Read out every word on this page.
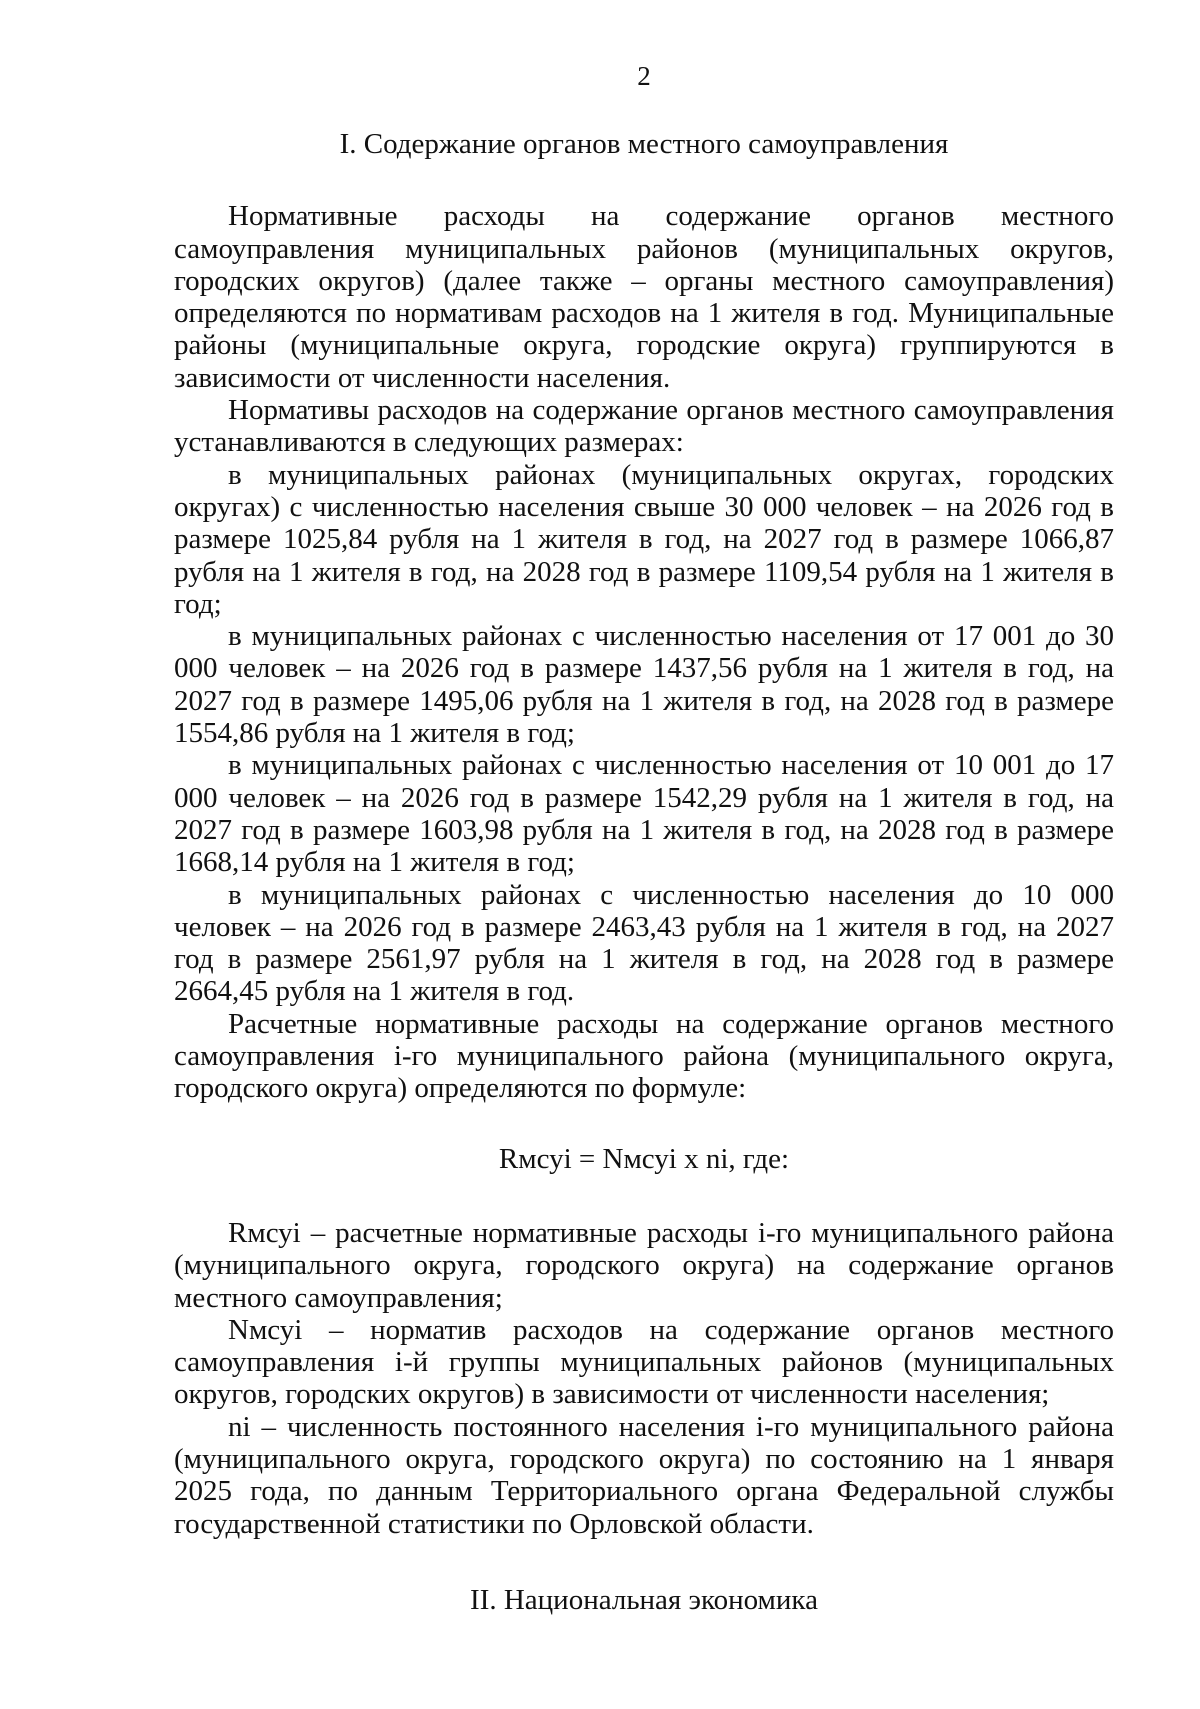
2
I. Содержание органов местного самоуправления

Нормативные расходы на содержание органов местного самоуправления муниципальных районов (муниципальных округов, городских округов) (далее также – органы местного самоуправления) определяются по нормативам расходов на 1 жителя в год. Муниципальные районы (муниципальные округа, городские округа) группируются в зависимости от численности населения.

Нормативы расходов на содержание органов местного самоуправления устанавливаются в следующих размерах:

в муниципальных районах (муниципальных округах, городских округах) с численностью населения свыше 30 000 человек – на 2026 год в размере 1025,84 рубля на 1 жителя в год, на 2027 год в размере 1066,87 рубля на 1 жителя в год, на 2028 год в размере 1109,54 рубля на 1 жителя в год;

в муниципальных районах с численностью населения от 17 001 до 30 000 человек – на 2026 год в размере 1437,56 рубля на 1 жителя в год, на 2027 год в размере 1495,06 рубля на 1 жителя в год, на 2028 год в размере 1554,86 рубля на 1 жителя в год;

в муниципальных районах с численностью населения от 10 001 до 17 000 человек – на 2026 год в размере 1542,29 рубля на 1 жителя в год, на 2027 год в размере 1603,98 рубля на 1 жителя в год, на 2028 год в размере 1668,14 рубля на 1 жителя в год;

в муниципальных районах с численностью населения до 10 000 человек – на 2026 год в размере 2463,43 рубля на 1 жителя в год, на 2027 год в размере 2561,97 рубля на 1 жителя в год, на 2028 год в размере 2664,45 рубля на 1 жителя в год.

Расчетные нормативные расходы на содержание органов местного самоуправления i-го муниципального района (муниципального округа, городского округа) определяются по формуле:

Rмсуi = Nмсуi x ni, где:

Rмсуi – расчетные нормативные расходы i-го муниципального района (муниципального округа, городского округа) на содержание органов местного самоуправления;

Nмсуi – норматив расходов на содержание органов местного самоуправления i-й группы муниципальных районов (муниципальных округов, городских округов) в зависимости от численности населения;

ni – численность постоянного населения i-го муниципального района (муниципального округа, городского округа) по состоянию на 1 января 2025 года, по данным Территориального органа Федеральной службы государственной статистики по Орловской области.

II. Национальная экономика
